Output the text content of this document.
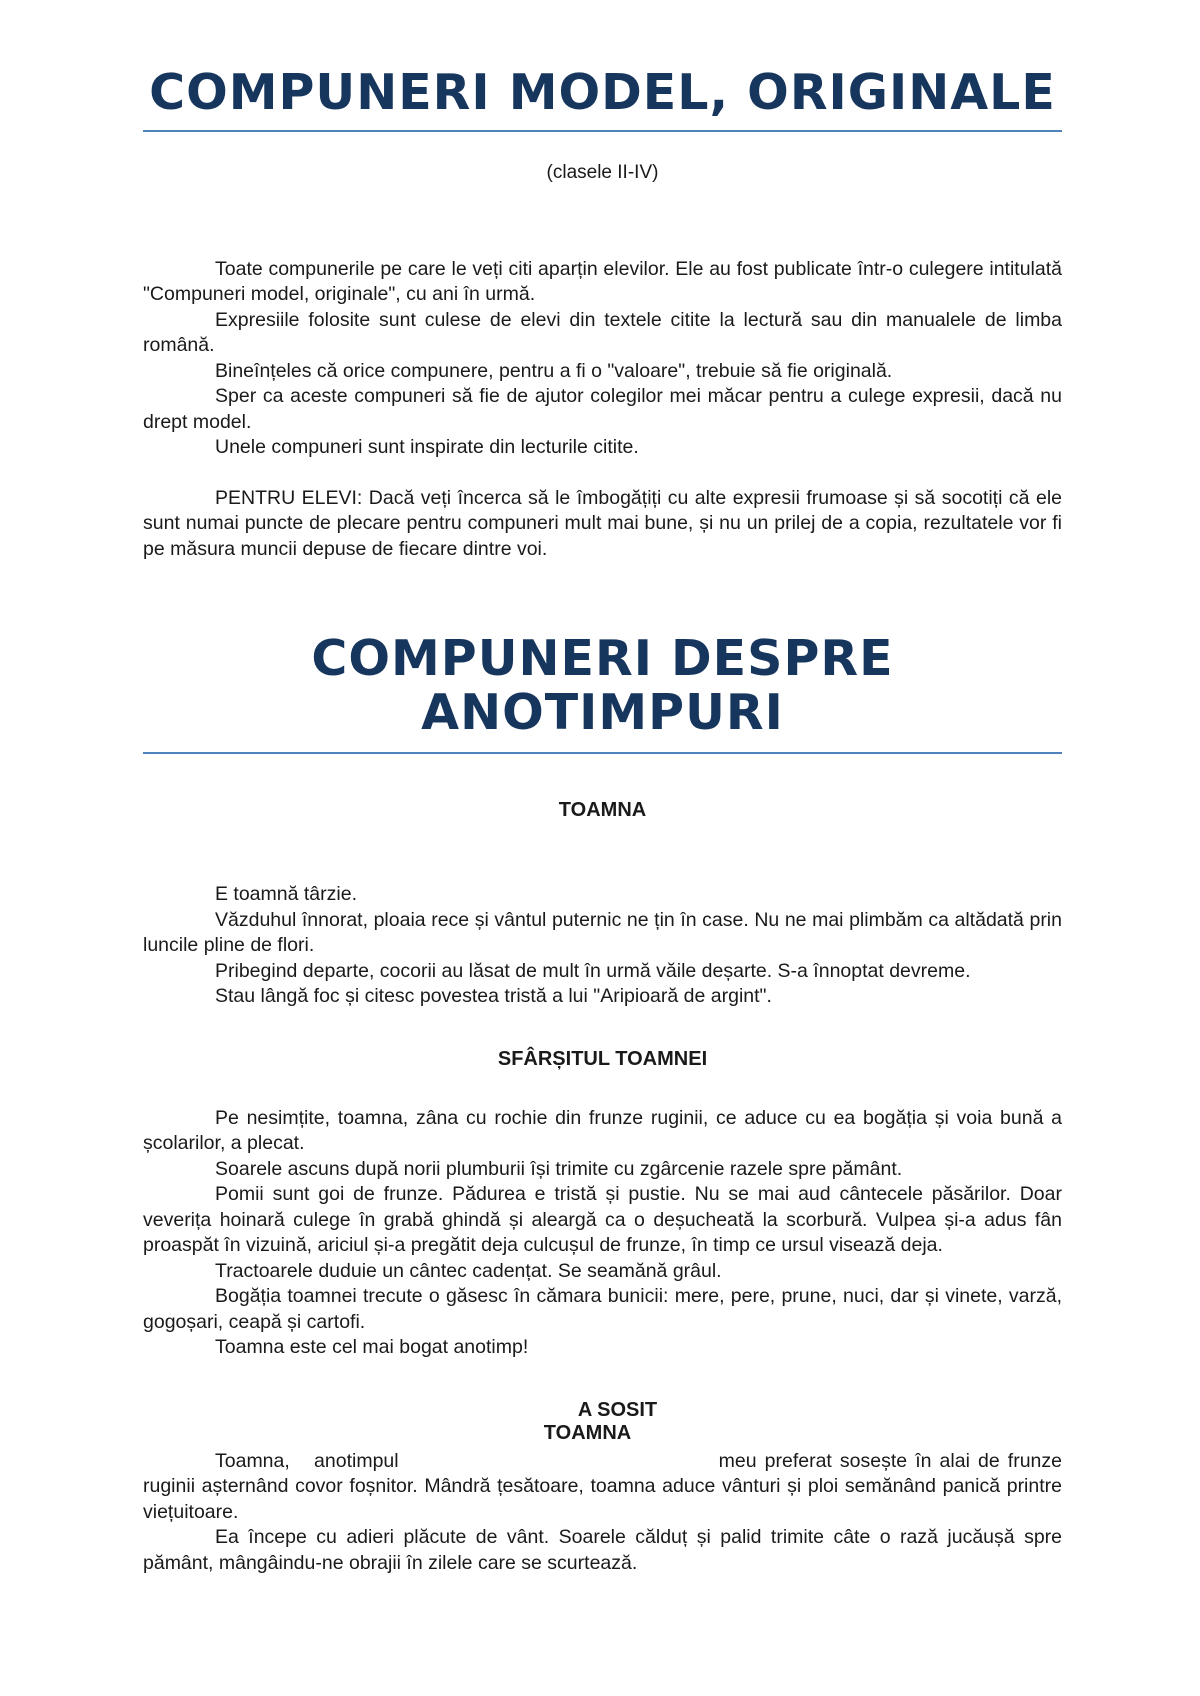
COMPUNERI MODEL, ORIGINALE
(clasele II-IV)

Toate compunerile pe care le veți citi aparțin elevilor. Ele au fost publicate într-o culegere intitulată "Compuneri model, originale", cu ani în urmă.

Expresiile folosite sunt culese de elevi din textele citite la lectură sau din manualele de limba română.

Bineînțeles că orice compunere, pentru a fi o "valoare", trebuie să fie originală.

Sper ca aceste compuneri să fie de ajutor colegilor mei măcar pentru a culege expresii, dacă nu drept model.

Unele compuneri sunt inspirate din lecturile citite.

PENTRU ELEVI: Dacă veți încerca să le îmbogățiți cu alte expresii frumoase și să socotiți că ele sunt numai puncte de plecare pentru compuneri mult mai bune, și nu un prilej de a copia, rezultatele vor fi pe măsura muncii depuse de fiecare dintre voi.

COMPUNERI DESPRE ANOTIMPURI
TOAMNA

E toamnă târzie.

Văzduhul înnorat, ploaia rece și vântul puternic ne țin în case. Nu ne mai plimbăm ca altădată prin luncile pline de flori.

Pribegind departe, cocorii au lăsat de mult în urmă văile deșarte. S-a înnoptat devreme.

Stau lângă foc și citesc povestea tristă a lui "Aripioară de argint".

SFÂRȘITUL TOAMNEI

Pe nesimțite, toamna, zâna cu rochie din frunze ruginii, ce aduce cu ea bogăția și voia bună a școlarilor, a plecat.

Soarele ascuns după norii plumburii își trimite cu zgârcenie razele spre pământ.

Pomii sunt goi de frunze. Pădurea e tristă și pustie. Nu se mai aud cântecele păsărilor. Doar veverița hoinară culege în grabă ghindă și aleargă ca o deșucheată la scorbură. Vulpea și-a adus fân proaspăt în vizuină, ariciul și-a pregătit deja culcușul de frunze, în timp ce ursul visează deja.

Tractoarele duduie un cântec cadențat. Se seamănă grâul.

Bogăția toamnei trecute o găsesc în cămara bunicii: mere, pere, prune, nuci, dar și vinete, varză, gogoșari, ceapă și cartofi.

Toamna este cel mai bogat anotimp!

A SOSIT
TOAMNA

Toamna,   anotimpul	meu preferat sosește în alai de frunze ruginii așternând covor foșnitor. Mândră țesătoare, toamna aduce vânturi și ploi semănând panică printre viețuitoare.

Ea începe cu adieri plăcute de vânt. Soarele călduț și palid trimite câte o rază jucăușă spre pământ, mângâindu-ne obrajii în zilele care se scurtează.
